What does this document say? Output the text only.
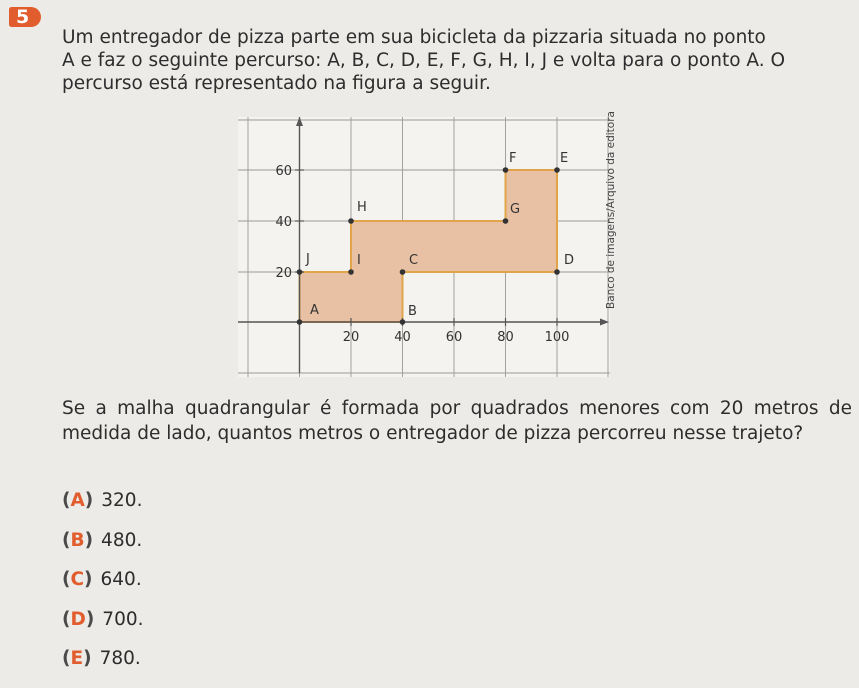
5

Um entregador de pizza parte em sua bicicleta da pizzaria situada no ponto

A e faz o seguinte percurso: A, B, C, D, E, F, G, H, I, J e volta para o ponto A. O

percurso está representado na figura a seguir.

20	40	60	80 100
20
40
60
A	B
C	D
E
F
G
H
I
J	Banco de imagens/Arquivo da editora
Se a malha quadrangular é formada por quadrados menores com 20 metros de medida de lado, quantos metros o entregador de pizza percorreu nesse trajeto?
( A ) 320.
( B ) 480.
( C ) 640.
( D ) 700.
( E ) 780.
